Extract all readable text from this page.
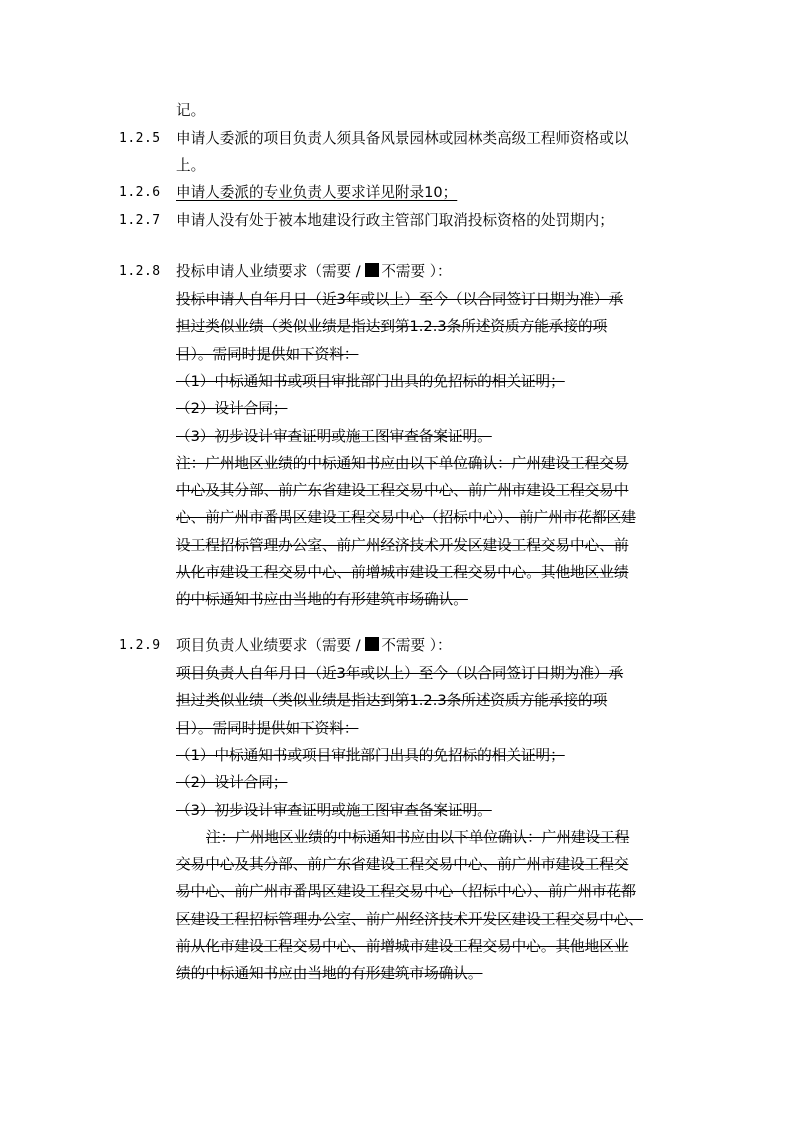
记。
1.2.5 申请人委派的项目负责人须具备风景园林或园林类高级工程师资格或以
上。
1.2.6 申请人委派的专业负责人要求详见附录10；
1.2.7 申请人没有处于被本地建设行政主管部门取消投标资格的处罚期内；
1.2.8 投标申请人业绩要求（需要 / 不需要 ）：
投标申请人自年月日（近3年或以上）至今（以合同签订日期为准）承
担过类似业绩（类似业绩是指达到第1.2.3条所述资质方能承接的项
目）。需同时提供如下资料：
（1）中标通知书或项目审批部门出具的免招标的相关证明；
（2）设计合同；
（3）初步设计审查证明或施工图审查备案证明。
注：广州地区业绩的中标通知书应由以下单位确认：广州建设工程交易
中心及其分部、前广东省建设工程交易中心、前广州市建设工程交易中
心、前广州市番禺区建设工程交易中心（招标中心）、前广州市花都区建
设工程招标管理办公室、前广州经济技术开发区建设工程交易中心、前
从化市建设工程交易中心、前增城市建设工程交易中心。其他地区业绩
的中标通知书应由当地的有形建筑市场确认。
1.2.9 项目负责人业绩要求（需要 / 不需要 ）：
项目负责人自年月日（近3年或以上）至今（以合同签订日期为准）承
担过类似业绩（类似业绩是指达到第1.2.3条所述资质方能承接的项
目）。需同时提供如下资料：
（1）中标通知书或项目审批部门出具的免招标的相关证明；
（2）设计合同；
（3）初步设计审查证明或施工图审查备案证明。
注：广州地区业绩的中标通知书应由以下单位确认：广州建设工程
交易中心及其分部、前广东省建设工程交易中心、前广州市建设工程交
易中心、前广州市番禺区建设工程交易中心（招标中心）、前广州市花都
区建设工程招标管理办公室、前广州经济技术开发区建设工程交易中心、
前从化市建设工程交易中心、前增城市建设工程交易中心。其他地区业
绩的中标通知书应由当地的有形建筑市场确认。
